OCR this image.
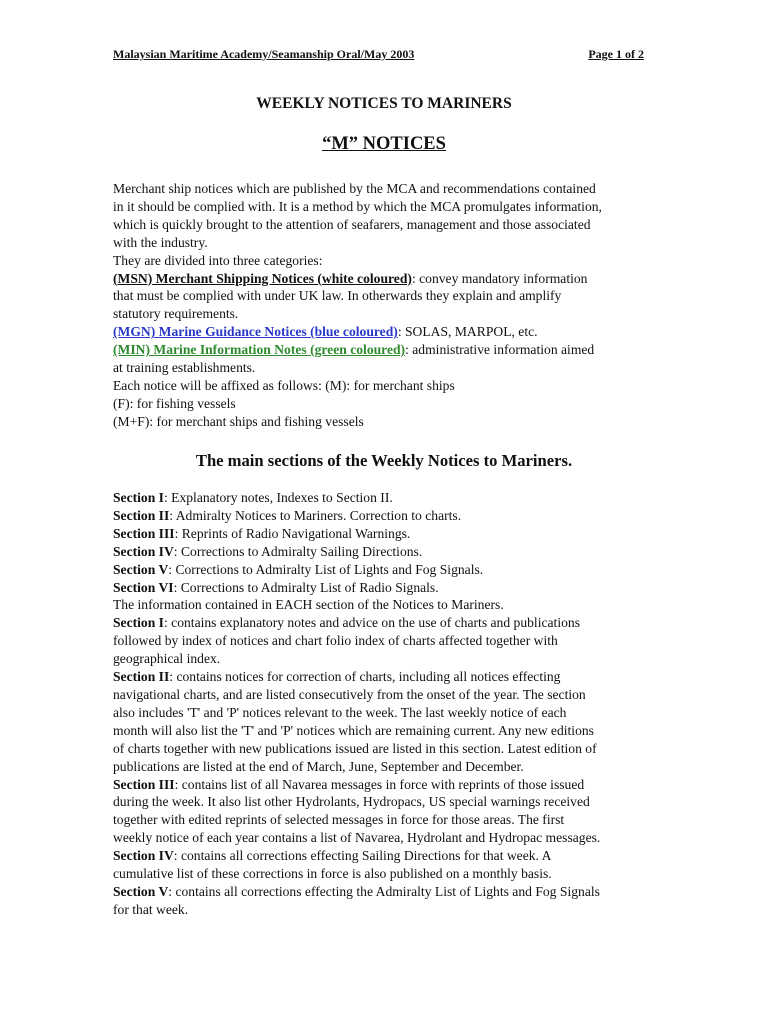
Malaysian Maritime Academy/Seamanship Oral/May 2003	Page 1 of 2
WEEKLY NOTICES TO MARINERS
“M” NOTICES

Merchant ship notices which are published by the MCA and recommendations contained

in it should be complied with. It is a method by which the MCA promulgates information,

which is quickly brought to the attention of seafarers, management and those associated

with the industry.

They are divided into three categories:

(MSN) Merchant Shipping Notices (white coloured): convey mandatory information

that must be complied with under UK law. In otherwards they explain and amplify

statutory requirements.

(MGN) Marine Guidance Notices (blue coloured): SOLAS, MARPOL, etc.

(MIN) Marine Information Notes (green coloured): administrative information aimed

at training establishments.

Each notice will be affixed as follows: (M): for merchant ships

(F): for fishing vessels

(M+F): for merchant ships and fishing vessels

The main sections of the Weekly Notices to Mariners.

Section I: Explanatory notes, Indexes to Section II.

Section II: Admiralty Notices to Mariners. Correction to charts.

Section III: Reprints of Radio Navigational Warnings.

Section IV: Corrections to Admiralty Sailing Directions.

Section V: Corrections to Admiralty List of Lights and Fog Signals.

Section VI: Corrections to Admiralty List of Radio Signals.

The information contained in EACH section of the Notices to Mariners.

Section I: contains explanatory notes and advice on the use of charts and publications

followed by index of notices and chart folio index of charts affected together with

geographical index.

Section II: contains notices for correction of charts, including all notices effecting

navigational charts, and are listed consecutively from the onset of the year. The section

also includes 'T' and 'P' notices relevant to the week. The last weekly notice of each

month will also list the 'T' and 'P' notices which are remaining current. Any new editions

of charts together with new publications issued are listed in this section. Latest edition of

publications are listed at the end of March, June, September and December.

Section III: contains list of all Navarea messages in force with reprints of those issued

during the week. It also list other Hydrolants, Hydropacs, US special warnings received

together with edited reprints of selected messages in force for those areas. The first

weekly notice of each year contains a list of Navarea, Hydrolant and Hydropac messages.

Section IV: contains all corrections effecting Sailing Directions for that week. A

cumulative list of these corrections in force is also published on a monthly basis.

Section V: contains all corrections effecting the Admiralty List of Lights and Fog Signals

for that week.
